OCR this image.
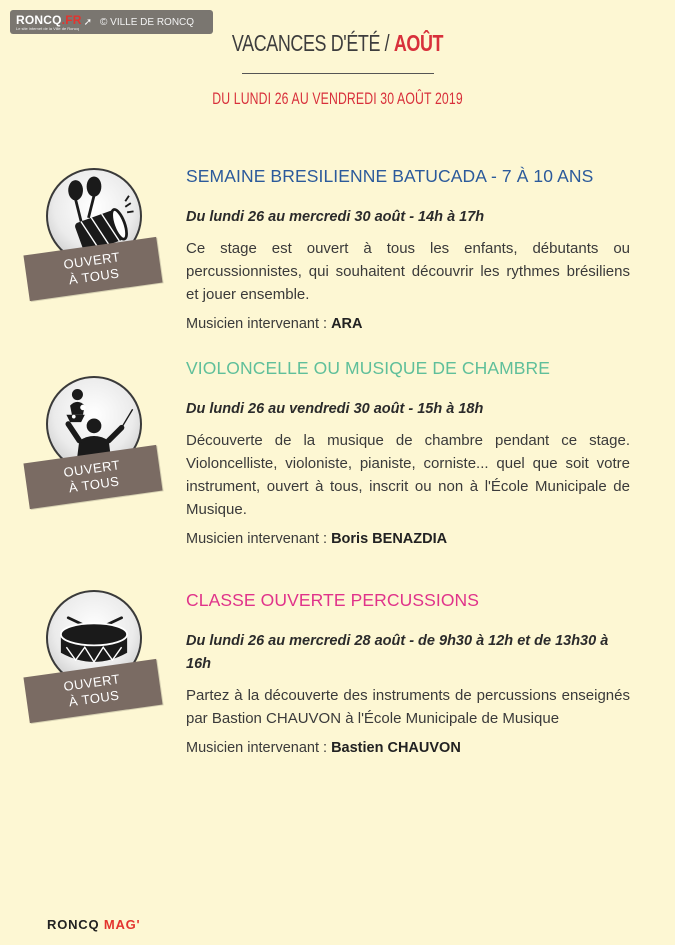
RONCQ.FR
Le site internet de la Ville de Roncq
➚ © VILLE DE RONCQ
VACANCES D'ÉTÉ / AOÛT
DU LUNDI 26 AU VENDREDI 30 AOÛT 2019
OUVERT
À TOUS
SEMAINE BRESILIENNE BATUCADA - 7 À 10 ANS
Du lundi 26 au mercredi 30 août - 14h à 17h
Ce stage est ouvert à tous les enfants, débutants ou percussionnistes, qui souhaitent découvrir les rythmes brésiliens et jouer ensemble.
Musicien intervenant : ARA
OUVERT
À TOUS
VIOLONCELLE OU MUSIQUE DE CHAMBRE
Du lundi 26 au vendredi 30 août - 15h à 18h
Découverte de la musique de chambre pendant ce stage. Violoncelliste, violoniste, pianiste, corniste... quel que soit votre instrument, ouvert à tous, inscrit ou non à l'École Municipale de Musique.
Musicien intervenant : Boris BENAZDIA
OUVERT
À TOUS
CLASSE OUVERTE PERCUSSIONS
Du lundi 26 au mercredi 28 août - de 9h30 à 12h et de 13h30 à 16h
Partez à la découverte des instruments de percussions enseignés par Bastion CHAUVON à l'École Municipale de Musique
Musicien intervenant : Bastien CHAUVON
RONCQ MAG'
